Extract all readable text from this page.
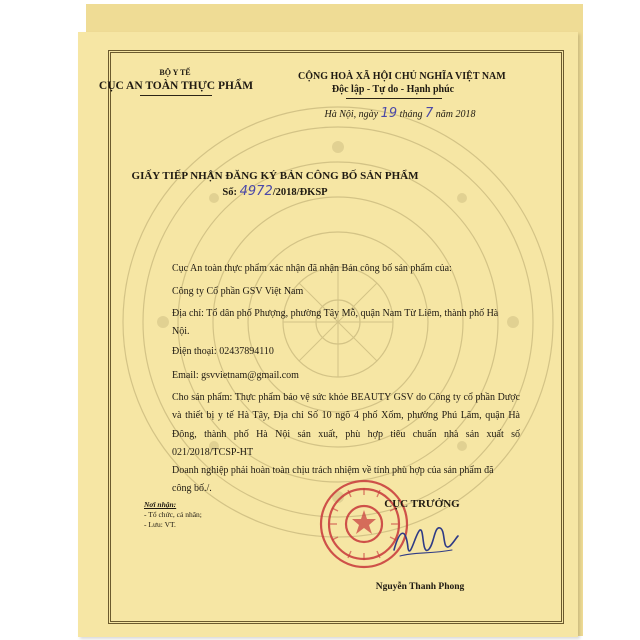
BỘ Y TẾ
CỤC AN TOÀN THỰC PHẨM
CỘNG HOÀ XÃ HỘI CHỦ NGHĨA VIỆT NAM
Độc lập - Tự do - Hạnh phúc
Hà Nội, ngày 19 tháng 7 năm 2018
GIẤY TIẾP NHẬN ĐĂNG KÝ BẢN CÔNG BỐ SẢN PHẨM
Số: 4972/2018/ĐKSP
Cục An toàn thực phẩm xác nhận đã nhận Bản công bố sản phẩm của:
Công ty Cổ phần GSV Việt Nam
Địa chỉ: Tổ dân phố Phượng, phường Tây Mỗ, quận Nam Từ Liêm, thành phố Hà Nội.
Điện thoại: 02437894110
Email: gsvvietnam@gmail.com
Cho sản phẩm: Thực phẩm bảo vệ sức khỏe BEAUTY GSV do Công ty cổ phần Dược và thiết bị y tế Hà Tây, Địa chỉ Số 10 ngõ 4 phố Xốm, phường Phú Lãm, quận Hà Đông, thành phố Hà Nội sản xuất, phù hợp tiêu chuẩn nhà sản xuất số 021/2018/TCSP-HT
Doanh nghiệp phải hoàn toàn chịu trách nhiệm về tính phù hợp của sản phẩm đã công bố./.
Nơi nhận:
- Tổ chức, cá nhân;
- Lưu: VT.
CỤC TRƯỞNG
Nguyễn Thanh Phong
